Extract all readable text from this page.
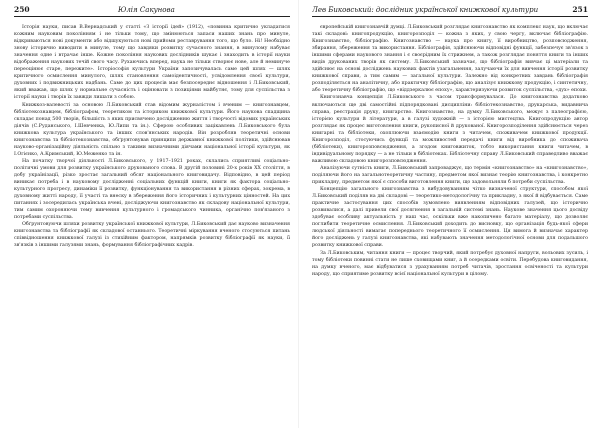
250	Юлія Сакунова

Історія науки, писав В.Вернадський у статті «З історії ідей» (1912), «повинна критично укладатися кожним науковим поколінням і не тільки тому, що змінюються запаси наших знань про минуле, відкриваються нові документи або відшукуються нові прийоми реставрування того, що було. Ні! Необхідно знову історично виводити в минуле, тому що завдяки розвитку сучасного знання, в минулому набуває значення одне і втрачає інше. Кожне покоління наукових дослідників шукає і знаходить в історії науки відображення наукових течій свого часу. Рухаючись вперед, наука не тільки створює нове, але й неминуче переоцінює старе, пережите». Історіософія культури України запозичувалась саме цей шлях — шлях критичного осмислення минулого, шлях становлення самоідентичності, усвідомлення своєї культури, духовних і подвижницьких надбань. Саме до цих процесів має безпосереднє відношення і Л.Биковський, який вважав, що шлях у нормальне сучасність і оцінювати з позиціями майбутнє, тому для суспільства з історії науки і творів їх завжди лишати з собою.

Книжкоз-валевості за основою Л.Биковський став відомим журналістом і вченим — книгознавцем, бібліотекознавцем, бібліографом, теоретиком та істориком книжкової культури. Його наукова спадщина складає понад 500 творів, більшість з яких присвячено дослідженню життя і творчості відомих українських діячів (С.Руданського, І.Шевченка, Ю.Липи та ін.). Сферою особливих зацікавлень Л.Биковського була книжкова культура українського та інших слов'янських народів. Він розробляв теоретичні основи книгознавства та бібліотекознавства, обґрунтовував принципи державної книжкової політики, здійснював науково-організаційну діяльність спільно з такими визначними діячами національної історії культури, як І.Огієнко, А.Кримський, Ю.Меженко та ін.

На початку творчої діяльності Л.Биковського, у 1917–1921 роках, склались сприятливі соціально-політичні умови для розвитку українського друкованого слова. В другій половині 20-х років ХХ століття, в добу українізації, різко зростає загальний обсяг національного книговидачу. Відповідно, в цей період виникає потреба і в науковому дослідженні соціальних функцій книги, книги як фактора соціально-культурного прогресу, динаміки її розвитку, функціонування та використання в різних сферах, зокрема, в духовному житті народу, її участі та внеску в збереження його історичних і культурних цінностей. На цих питаннях і зосередилась українська вчені, досліджуючи книгознавство як складову національної культури, тим самим охороняючи тему вивчення культурного і громадського чинника, органічно пов'язаного з потребами суспільства.

Обґрунтовуючи шляхи розвитку української книжкової культури, Л.Биковський дає науково визначення книгознавства та бібліографії як складової останнього. Теоретичні міркування вченого стосуються питань співвідношення книжкової галузі із стихійним фактором, напрямків розвитку бібліографії як науки, її зв'язків з іншими галузями знань, формування бібліографічних кадрів.

Лев Биковський: дослідник української книжкової культури	251

європейській книгознавчій думці. Л.Биковський розглядає книгознавство як комплекс наук, що включає такі складові: книгопродукцію, книгорозподіл — кожна з яких, у свою чергу, включає бібліографію. Книгознавство, бібліографію. Книгознавство — наука про книгу, її виробництво, розповсюдження, збирання, збереження та використання. Бібліографія, здійснюючи відповідні функції, забезпечує зв'язок з іншими сферами наукового знання і є своєрідним їх стрижнем, а також розглядає поняття книги та інших видів друкованих творів як систему. Л.Биковський зазначає, що бібліографія вивчає ці матеріали та здійснює на основі досліджень наукових фактів узагальнення, залучаючи їх для вивчення історії розвитку книжкової справи, а тим самим — загальної культури. Залежно від конкретних завдань бібліографія розподіляється на аналітичну, або практичну бібліографію, що аналізує книжкову продукцію, і синтетичну, або теоретичну бібліографію, що «віддзеркалює епоху», характеризуючи розвиток суспільства, «дух» епохи.

Книгознавча концепція Л.Биковського з часом трансформувалася. До книгознавства додатково включаються ще дві самостійні підпорядковані дисципліни: бібліотекознавство, друкарська, видавнича справа, реєстрація друку, книгарство. Книгознавство, на думку Л.Биковського, межує з палеографією, історією культури й літератури, а в галузі художній — з історією мистецтва. Книгопродукцію автор розглядає як процес виготовлення книги, рукописної й друкованої. Книгорозподілення здійснюється через книгарні та бібліотеки, охоплюючи взаємодію книги з читачем, споживачем книжкової продукції. Книгорозподіл, стосуючись функції та можливостей передачі книги від виробника до споживача (бібліотеки), книгорозповсюдження, а згодом книговжиток, тобто використання книги читачем, в індивідуальному порядку — а не тільки в бібліотеках. Бібліотечну справу Л.Биковський справедливо вважає важливою складовою книгорозповсюдження.

Аналізуючи сутність книги, Л.Биковський запроваджує, що термін «книгознавство» на «книгознавство», поділяючи його на загальнотеоретичну частину, предметом якої визнає теорію книгознавства, і конкретно прикладну, предметом якої є способи виготовлення книги, що задовольняли б потреби суспільства.

Концепцію загального книгознавства з вибудовуванням чітко визначеної структури, способом якої Л.Биковський поділяв на дві складові — теоретико-методологічну та прикладну, з якої й відбувається. Саме практичне застосування цих способів зумовлено виявленням відповідних галузей, що історично розвивалися, а далі привели свої досягнення в загальній системі знань. Наукове значення цього досвіду здобуває особливу актуальність у наш час, оскільки вже накопичено багато матеріалу, що дозволяє поглибити теоретичне осмислення. Л.Биковський доходить до висновку, що організація будь-якої сфери людської діяльності вимагає попереднього теоретичного її осмислення. Ця вимога й визначає характер його досліджень у галузі книгознавства, які набувають значення методологічної основи для подальшого розвитку книжкової справи.

За Л.Биковським, читання книги — процес творчий, який потребує духовної напруги, вольових зусиль, і тому бібліотеки повинні стати не лише сховищами книг, а й осередками освіти. Перебудова книговидання, на думку вченого, має відбуватися з урахуванням потреб читачів, зростання освіченості та культури народу, що сприятиме розвитку всієї національної культури в цілому.
